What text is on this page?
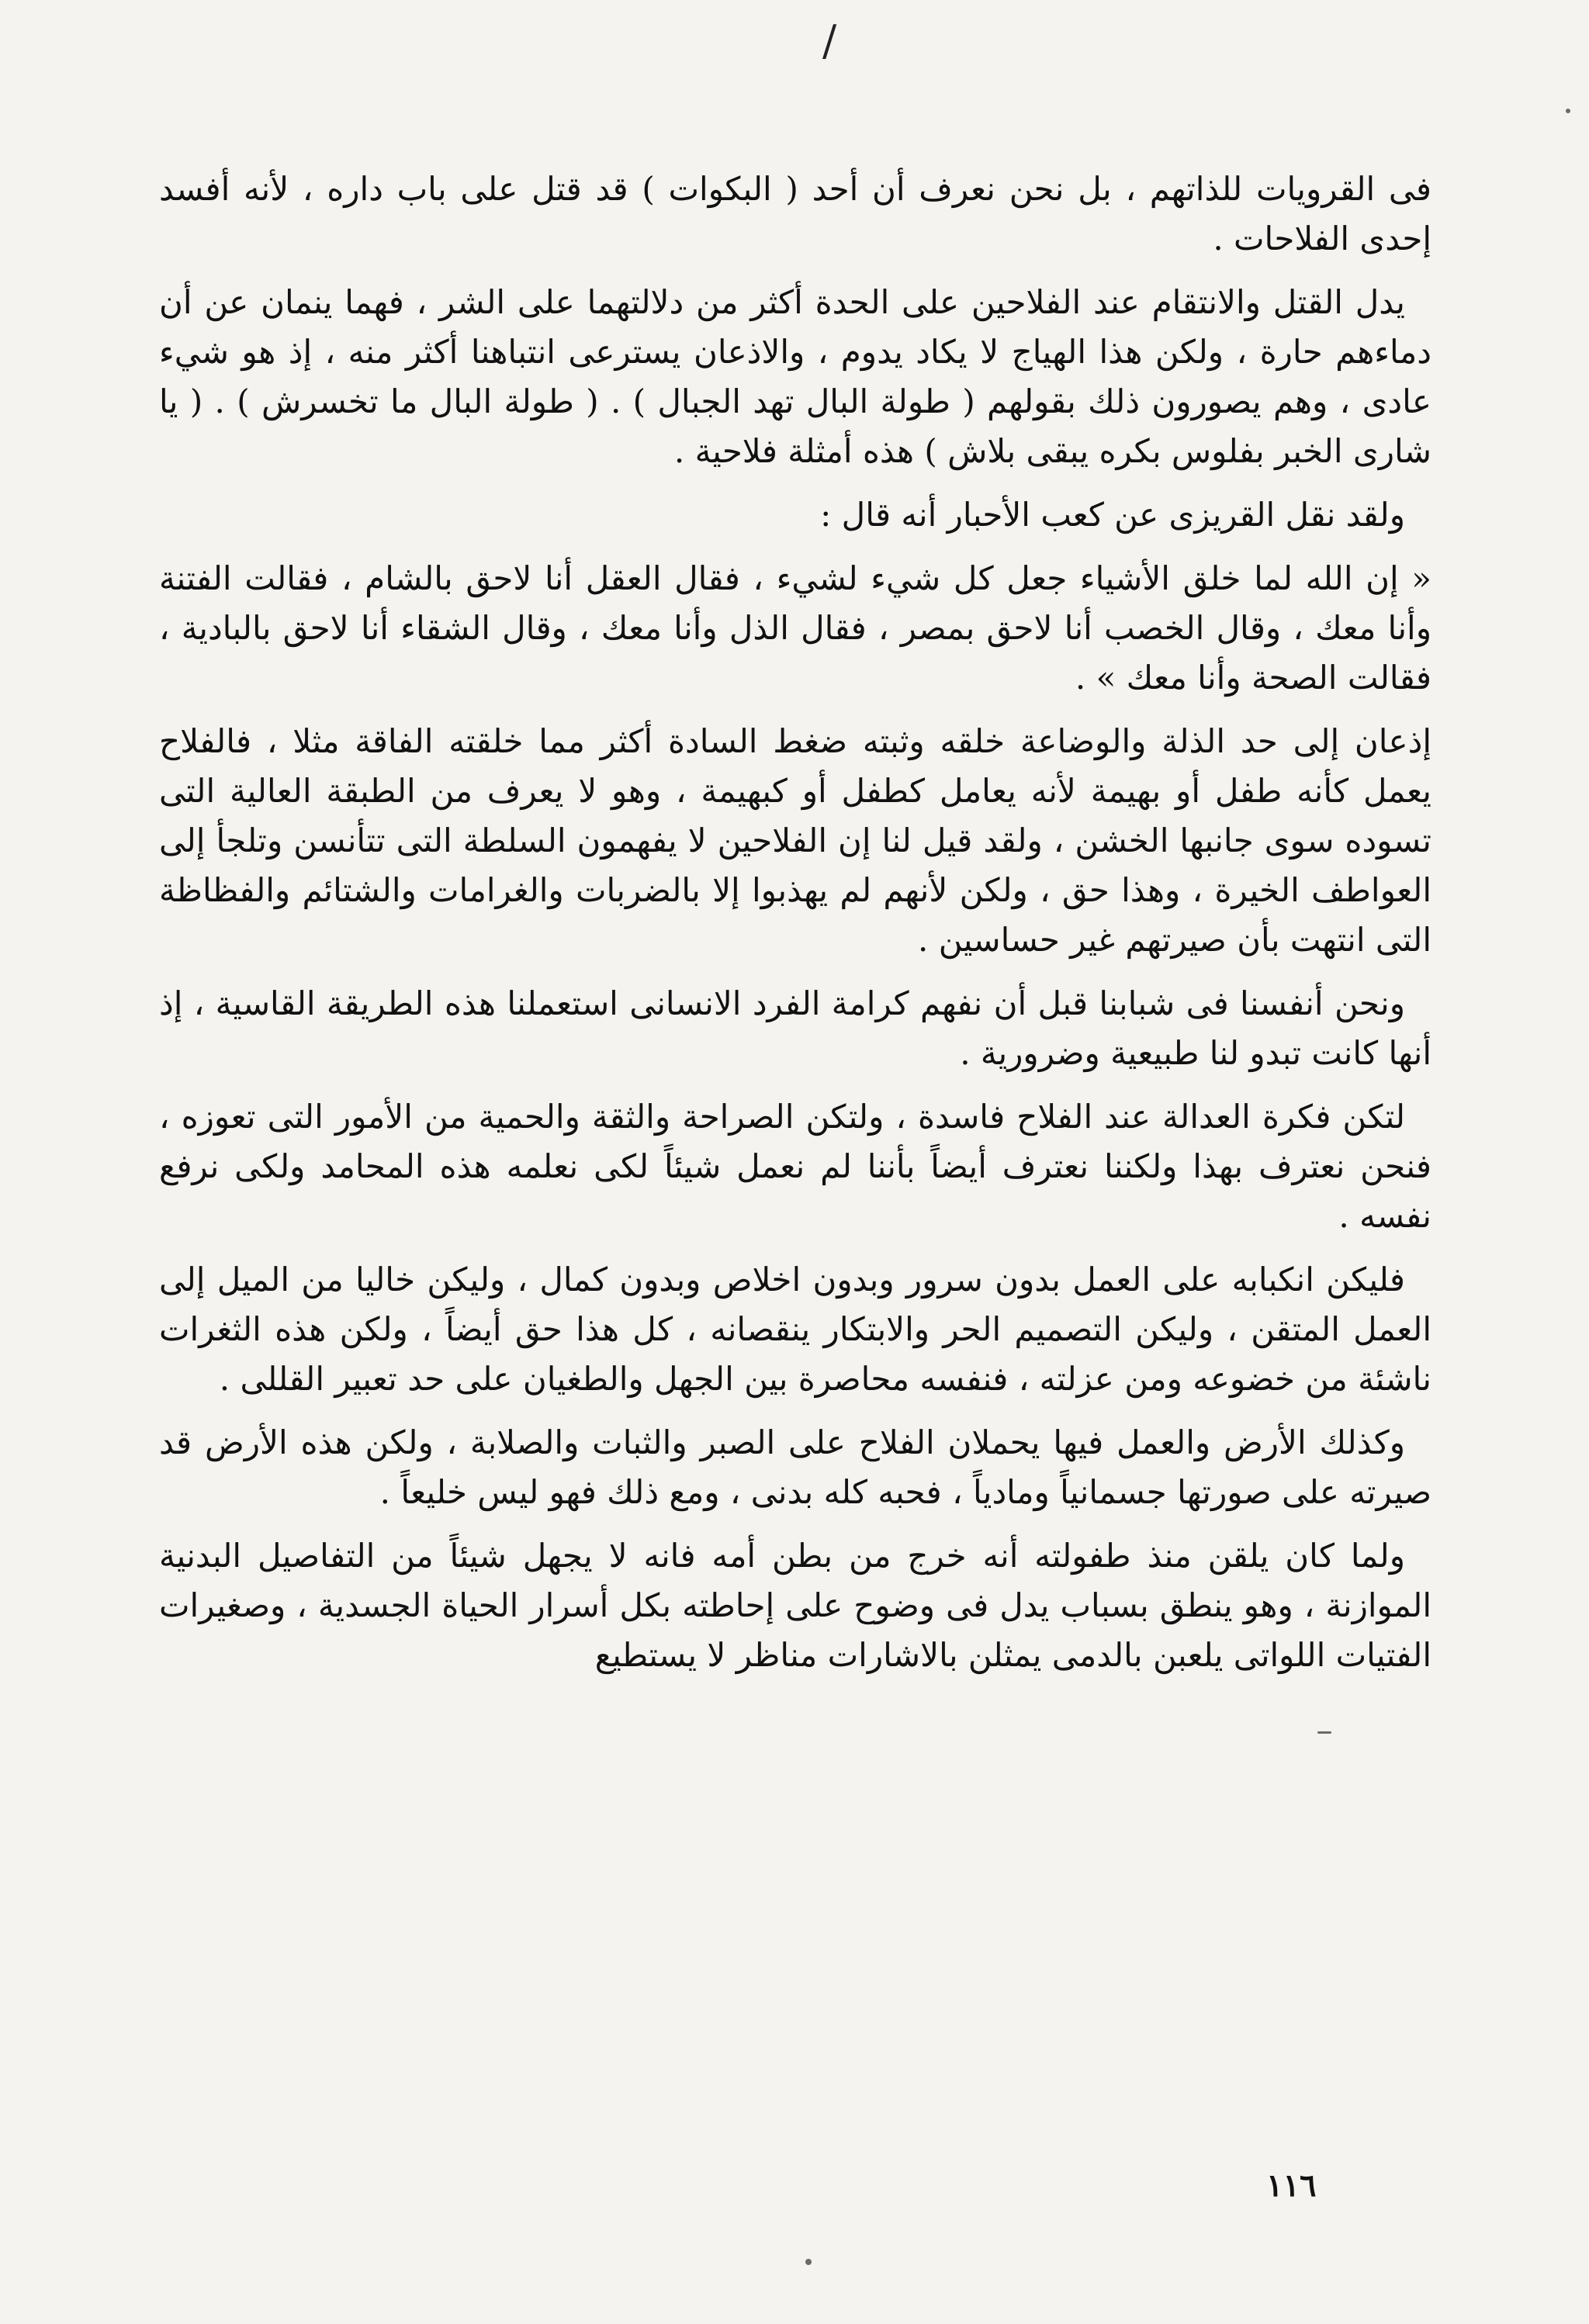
/

فى القرويات للذاتهم ، بل نحن نعرف أن أحد ( البكوات ) قد قتل على باب داره ، لأنه أفسد إحدى الفلاحات .

يدل القتل والانتقام عند الفلاحين على الحدة أكثر من دلالتهما على الشر ، فهما ينمان عن أن دماءهم حارة ، ولكن هذا الهياج لا يكاد يدوم ، والاذعان يسترعى انتباهنا أكثر منه ، إذ هو شيء عادى ، وهم يصورون ذلك بقولهم ( طولة البال تهد الجبال ) . ( طولة البال ما تخسرش ) . ( يا شارى الخبر بفلوس بكره يبقى بلاش ) هذه أمثلة فلاحية .

ولقد نقل القريزى عن كعب الأحبار أنه قال :

« إن الله لما خلق الأشياء جعل كل شيء لشيء ، فقال العقل أنا لاحق بالشام ، فقالت الفتنة وأنا معك ، وقال الخصب أنا لاحق بمصر ، فقال الذل وأنا معك ، وقال الشقاء أنا لاحق بالبادية ، فقالت الصحة وأنا معك » .

إذعان إلى حد الذلة والوضاعة خلقه وثبته ضغط السادة أكثر مما خلقته الفاقة مثلا ، فالفلاح يعمل كأنه طفل أو بهيمة لأنه يعامل كطفل أو كبهيمة ، وهو لا يعرف من الطبقة العالية التى تسوده سوى جانبها الخشن ، ولقد قيل لنا إن الفلاحين لا يفهمون السلطة التى تتأنسن وتلجأ إلى العواطف الخيرة ، وهذا حق ، ولكن لأنهم لم يهذبوا إلا بالضربات والغرامات والشتائم والفظاظة التى انتهت بأن صيرتهم غير حساسين .

ونحن أنفسنا فى شبابنا قبل أن نفهم كرامة الفرد الانسانى استعملنا هذه الطريقة القاسية ، إذ أنها كانت تبدو لنا طبيعية وضرورية .

لتكن فكرة العدالة عند الفلاح فاسدة ، ولتكن الصراحة والثقة والحمية من الأمور التى تعوزه ، فنحن نعترف بهذا ولكننا نعترف أيضاً بأننا لم نعمل شيئاً لكى نعلمه هذه المحامد ولكى نرفع نفسه .

فليكن انكبابه على العمل بدون سرور وبدون اخلاص وبدون كمال ، وليكن خاليا من الميل إلى العمل المتقن ، وليكن التصميم الحر والابتكار ينقصانه ، كل هذا حق أيضاً ، ولكن هذه الثغرات ناشئة من خضوعه ومن عزلته ، فنفسه محاصرة بين الجهل والطغيان على حد تعبير القللى .

وكذلك الأرض والعمل فيها يحملان الفلاح على الصبر والثبات والصلابة ، ولكن هذه الأرض قد صيرته على صورتها جسمانياً ومادياً ، فحبه كله بدنى ، ومع ذلك فهو ليس خليعاً .

ولما كان يلقن منذ طفولته أنه خرج من بطن أمه فانه لا يجهل شيئاً من التفاصيل البدنية الموازنة ، وهو ينطق بسباب يدل فى وضوح على إحاطته بكل أسرار الحياة الجسدية ، وصغيرات الفتيات اللواتى يلعبن بالدمى يمثلن بالاشارات مناظر لا يستطيع

١١٦
